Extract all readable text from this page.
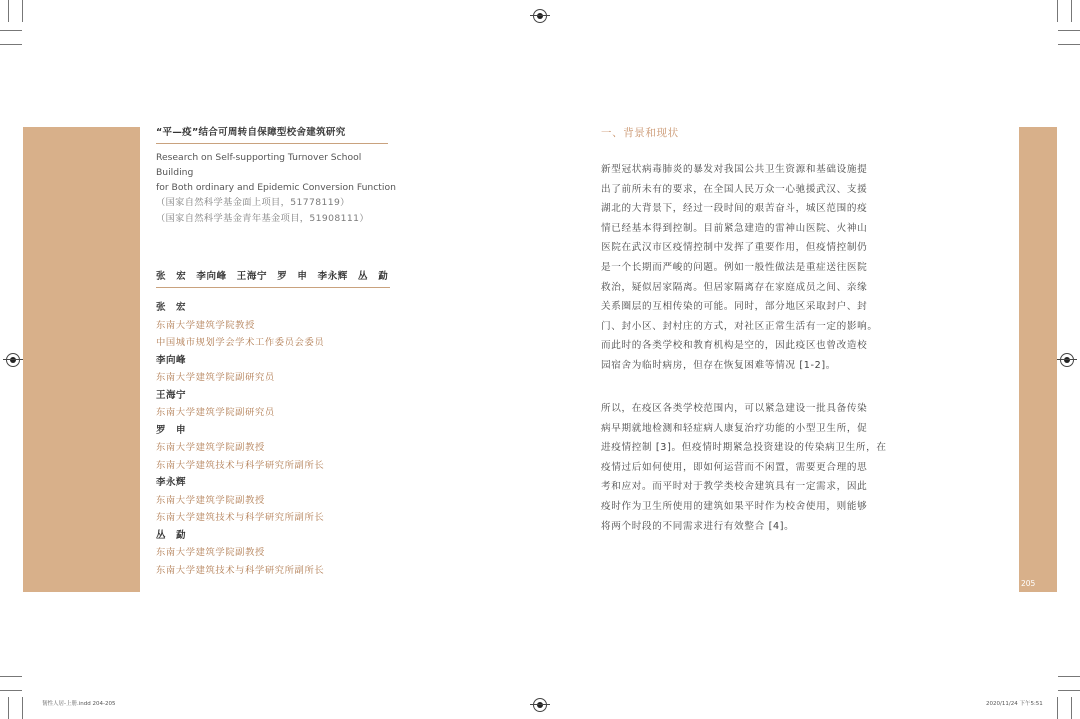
“平—疫”结合可周转自保障型校舍建筑研究
Research on Self-supporting Turnover School Building
for Both ordinary and Epidemic Conversion Function
（国家自然科学基金面上项目，51778119）
（国家自然科学基金青年基金项目，51908111）
张　宏　李向峰　王海宁　罗　申　李永辉　丛　勐
张　宏
东南大学建筑学院教授
中国城市规划学会学术工作委员会委员
李向峰
东南大学建筑学院副研究员
王海宁
东南大学建筑学院副研究员
罗　申
东南大学建筑学院副教授
东南大学建筑技术与科学研究所副所长
李永辉
东南大学建筑学院副教授
东南大学建筑技术与科学研究所副所长
丛　勐
东南大学建筑学院副教授
东南大学建筑技术与科学研究所副所长
一、背景和现状
新型冠状病毒肺炎的暴发对我国公共卫生资源和基础设施提
出了前所未有的要求，在全国人民万众一心驰援武汉、支援
湖北的大背景下，经过一段时间的艰苦奋斗，城区范围的疫
情已经基本得到控制。目前紧急建造的雷神山医院、火神山
医院在武汉市区疫情控制中发挥了重要作用，但疫情控制仍
是一个长期而严峻的问题。例如一般性做法是重症送往医院
救治，疑似居家隔离。但居家隔离存在家庭成员之间、亲缘
关系圈层的互相传染的可能。同时，部分地区采取封户、封
门、封小区、封村庄的方式，对社区正常生活有一定的影响。
而此时的各类学校和教育机构是空的，因此疫区也曾改造校
园宿舍为临时病房，但存在恢复困难等情况 [1-2]。
所以，在疫区各类学校范围内，可以紧急建设一批具备传染
病早期就地检测和轻症病人康复治疗功能的小型卫生所，促
进疫情控制 [3]。但疫情时期紧急投资建设的传染病卫生所，在
疫情过后如何使用，即如何运营而不闲置，需要更合理的思
考和应对。而平时对于教学类校舍建筑具有一定需求，因此
疫时作为卫生所使用的建筑如果平时作为校舍使用，则能够
将两个时段的不同需求进行有效整合 [4]。
205
韧性人居-上册.indd 204-205	2020/11/24 下午5:51
